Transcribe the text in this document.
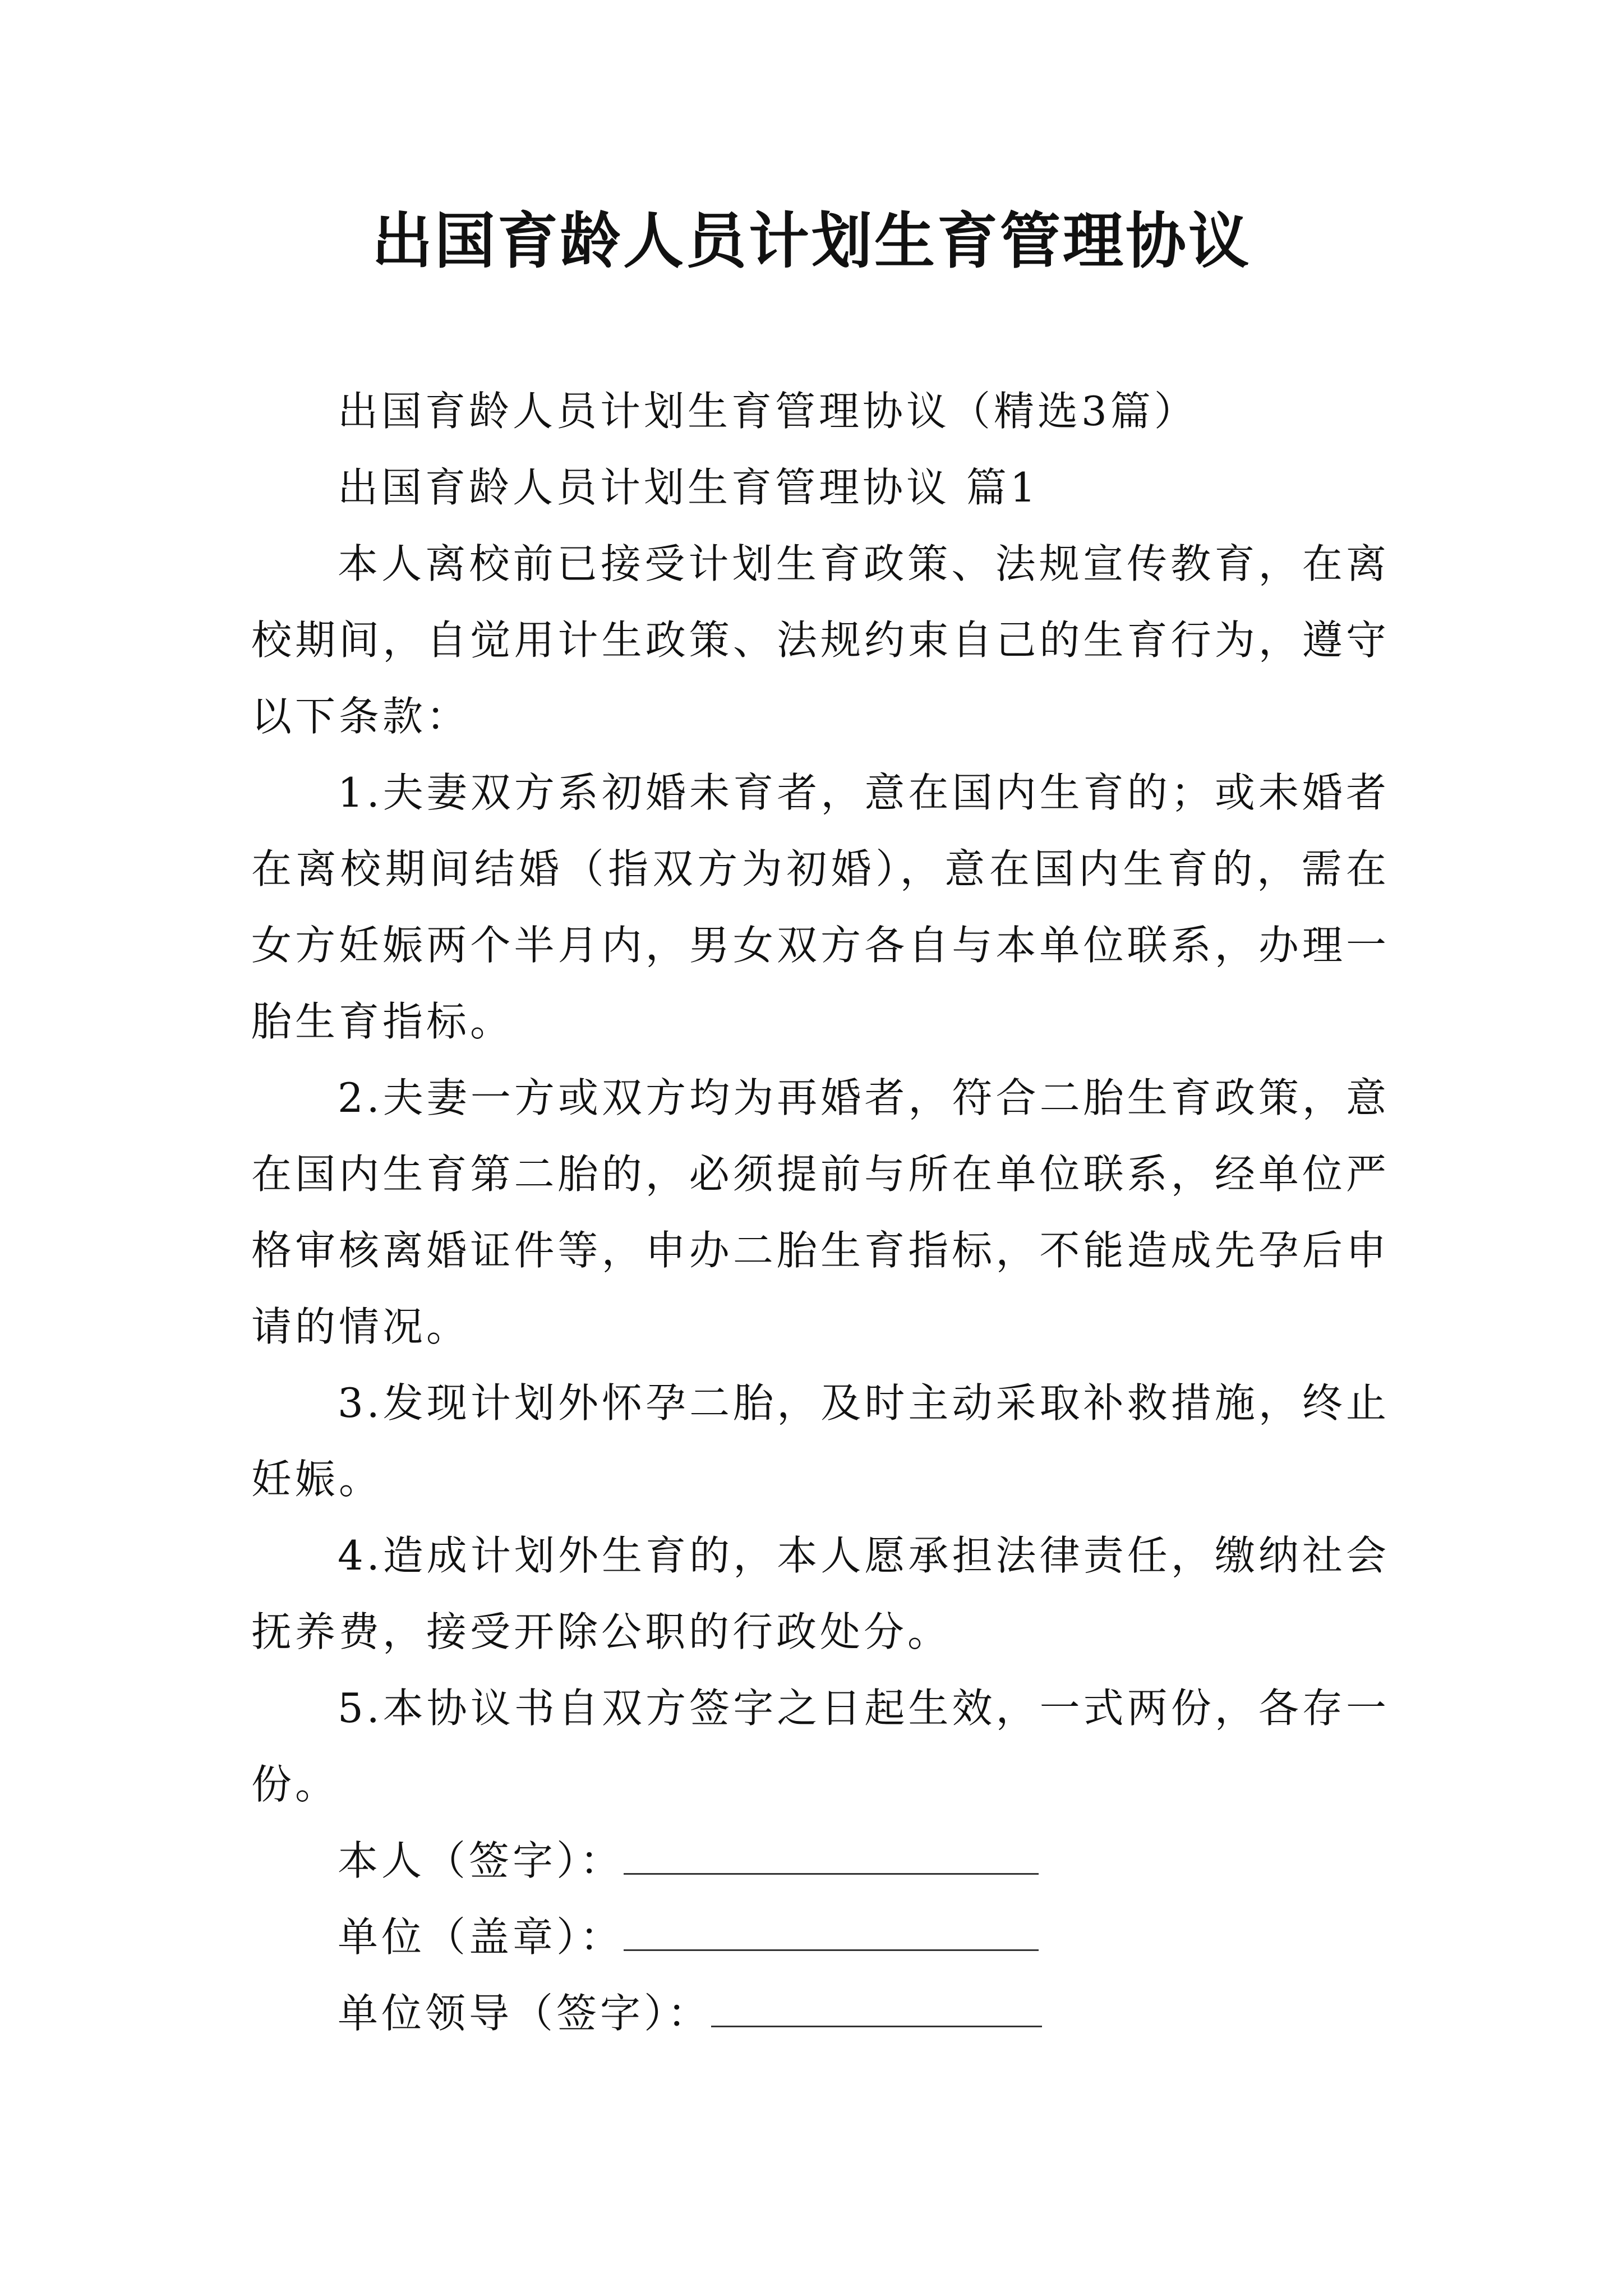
出国育龄人员计划生育管理协议

出国育龄人员计划生育管理协议（精选3篇）

出国育龄人员计划生育管理协议 篇1

本人离校前已接受计划生育政策、法规宣传教育，在离校期间，自觉用计生政策、法规约束自己的生育行为，遵守以下条款：

1.夫妻双方系初婚未育者，意在国内生育的；或未婚者在离校期间结婚（指双方为初婚），意在国内生育的，需在女方妊娠两个半月内，男女双方各自与本单位联系，办理一胎生育指标。

2.夫妻一方或双方均为再婚者，符合二胎生育政策，意在国内生育第二胎的，必须提前与所在单位联系，经单位严格审核离婚证件等，申办二胎生育指标，不能造成先孕后申请的情况。

3.发现计划外怀孕二胎，及时主动采取补救措施，终止妊娠。

4.造成计划外生育的，本人愿承担法律责任，缴纳社会抚养费，接受开除公职的行政处分。

5.本协议书自双方签字之日起生效，一式两份，各存一份。

本人（签字）：

单位（盖章）：

单位领导（签字）：
